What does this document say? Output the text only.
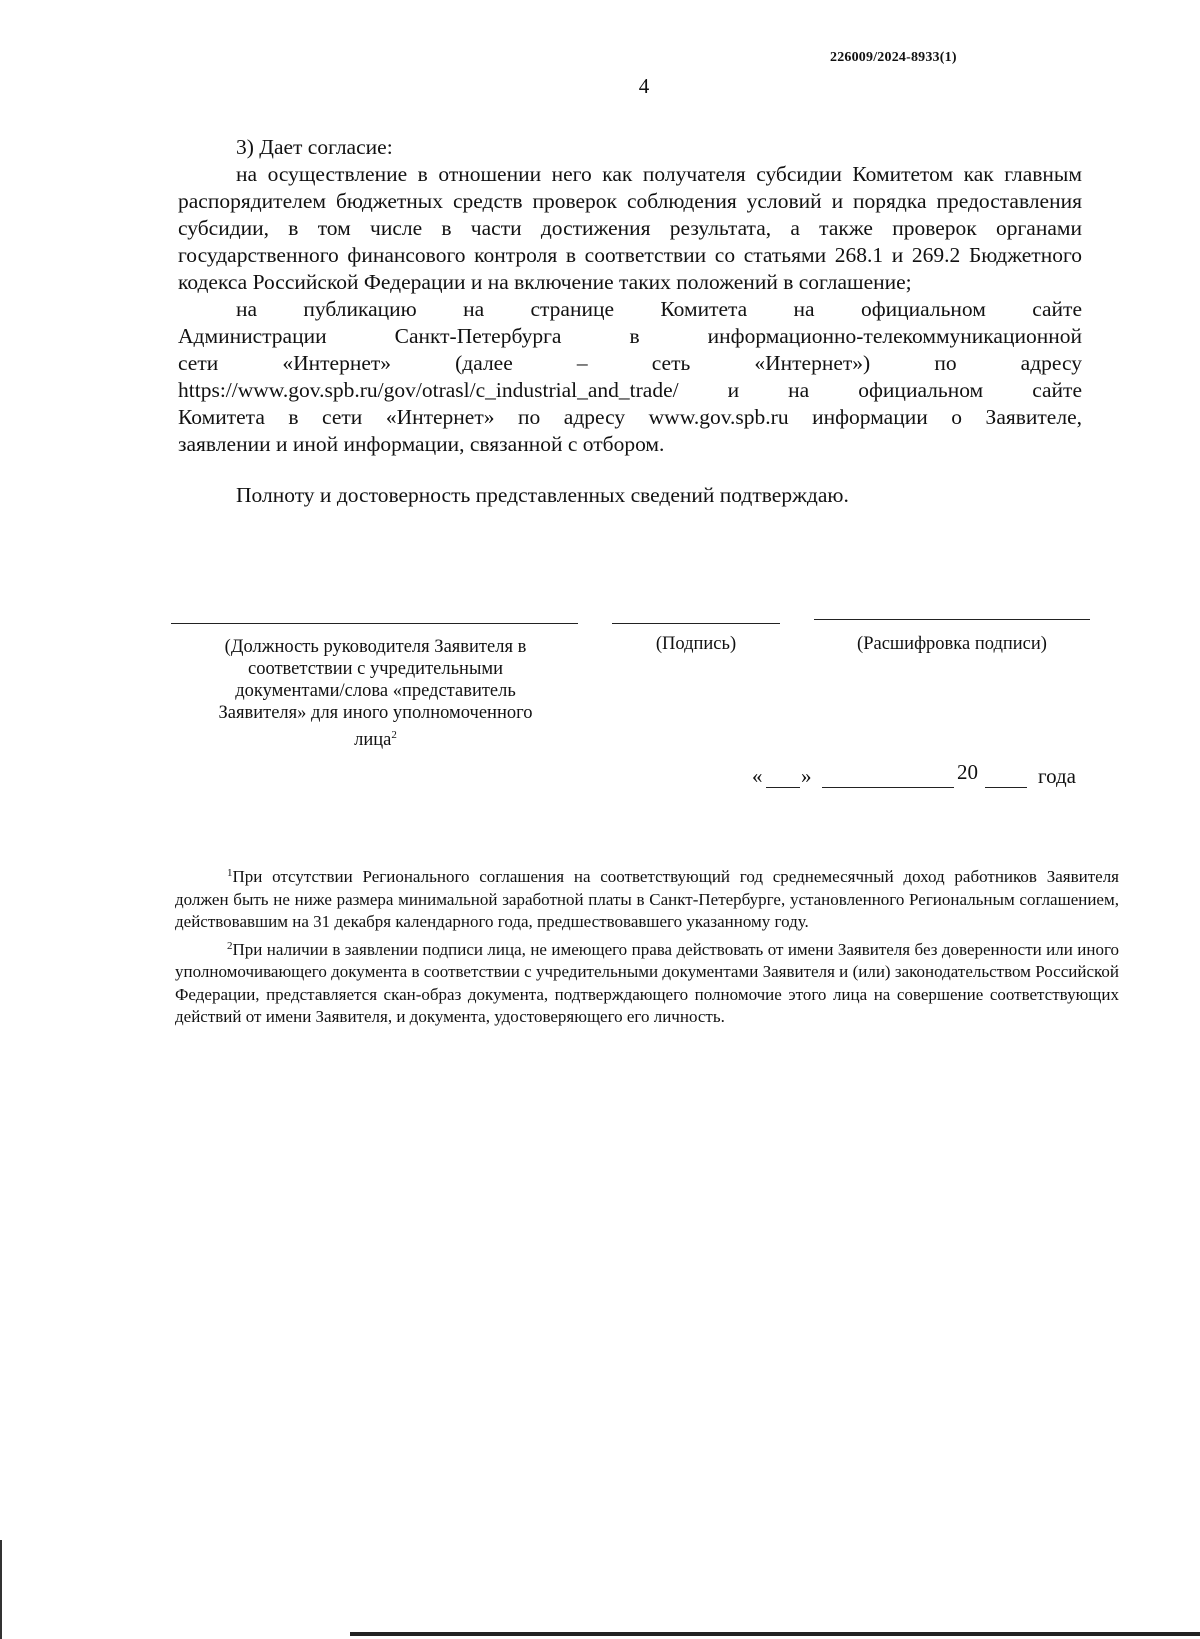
226009/2024-8933(1)
4

3) Дает согласие:

на осуществление в отношении него как получателя субсидии Комитетом как главным распорядителем бюджетных средств проверок соблюдения условий и порядка предоставления субсидии, в том числе в части достижения результата, а также проверок органами государственного финансового контроля в соответствии со статьями 268.1 и 269.2 Бюджетного кодекса Российской Федерации и на включение таких положений в соглашение;

на публикацию на странице Комитета на официальном сайте

Администрации Санкт-Петербурга в информационно-телекоммуникационной

сети «Интернет» (далее – сеть «Интернет») по адресу

https://www.gov.spb.ru/gov/otrasl/c_industrial_and_trade/ и на официальном сайте

Комитета в сети «Интернет» по адресу www.gov.spb.ru информации о Заявителе,

заявлении и иной информации, связанной с отбором.

Полноту и достоверность представленных сведений подтверждаю.

(Должность руководителя Заявителя в соответствии с учредительными документами/слова «представитель Заявителя» для иного уполномоченного лица$^2$
(Подпись)	(Расшифровка подписи)
« »	20	года

$^1$При отсутствии Регионального соглашения на соответствующий год среднемесячный доход работников Заявителя должен быть не ниже размера минимальной заработной платы в Санкт-Петербурге, установленного Региональным соглашением, действовавшим на 31 декабря календарного года, предшествовавшего указанному году.

$^2$При наличии в заявлении подписи лица, не имеющего права действовать от имени Заявителя без доверенности или иного уполномочивающего документа в соответствии с учредительными документами Заявителя и (или) законодательством Российской Федерации, представляется скан-образ документа, подтверждающего полномочие этого лица на совершение соответствующих действий от имени Заявителя, и документа, удостоверяющего его личность.
